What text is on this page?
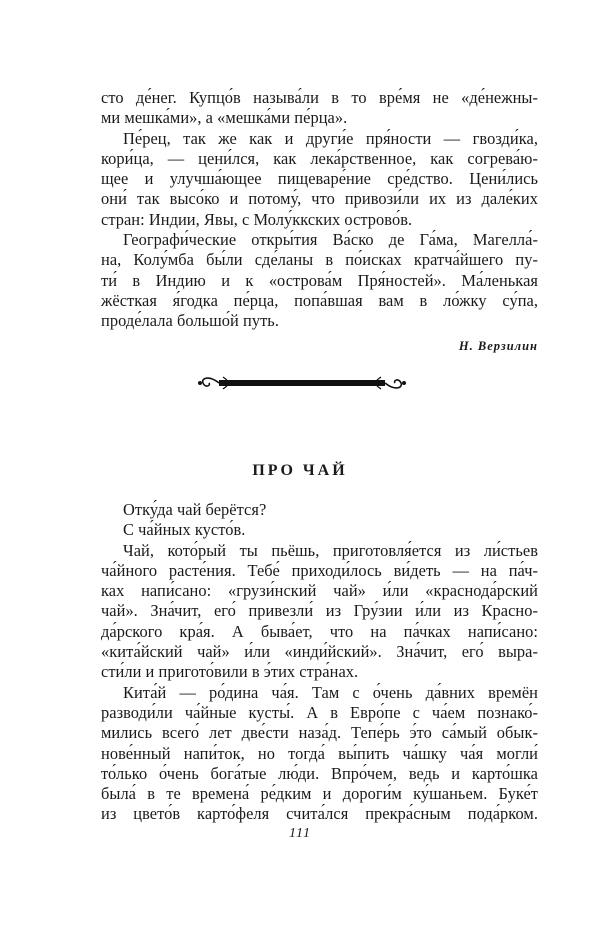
сто де́нег. Купцо́в называ́ли в то вре́мя не «де́нежны-
ми мешка́ми», а «мешка́ми пе́рца».
Пе́рец, так же как и други́е пря́ности — гвозди́ка,
кори́ца, — цени́лся, как лека́рственное, как согрева́ю-
щее и улучша́ющее пищеваре́ние сре́дство. Цени́лись
они́ так высо́ко и потому́, что привози́ли их из дале́ких
стран: Индии, Явы, с Молу́ккских острово́в.
Географи́ческие откры́тия Ва́ско де Га́ма, Магелла́-
на, Колу́мба бы́ли сде́ланы в по́исках кратча́йшего пу-
ти́ в Индию и к «острова́м Пря́ностей». Ма́ленькая
жёсткая я́годка пе́рца, попа́вшая вам в ло́жку су́па,
проде́лала большо́й путь.
Н. Верзилин
ПРО ЧАЙ
Отку́да чай берётся?
С ча́йных кусто́в.
Чай, кото́рый ты пьёшь, приготовля́ется из ли́стьев
ча́йного расте́ния. Тебе́ приходи́лось ви́деть — на па́ч-
ках напи́сано: «грузи́нский чай» и́ли «краснода́рский
чай». Зна́чит, его́ привезли́ из Гру́зии и́ли из Красно-
да́рского кра́я. А быва́ет, что на па́чках напи́сано:
«кита́йский чай» и́ли «инди́йский». Зна́чит, его́ выра-
сти́ли и пригото́вили в э́тих стра́нах.
Кита́й — ро́дина ча́я. Там с о́чень да́вних времён
разводи́ли ча́йные кусты́. А в Евро́пе с ча́ем познако́-
мились всего́ лет две́сти наза́д. Тепе́рь э́то са́мый обык-
нове́нный напи́ток, но тогда́ вы́пить ча́шку ча́я могли́
то́лько о́чень бога́тые лю́ди. Впро́чем, ведь и карто́шка
была́ в те времена́ ре́дким и дороги́м ку́шаньем. Буке́т
из цвето́в карто́феля счита́лся прекра́сным пода́рком.
111
